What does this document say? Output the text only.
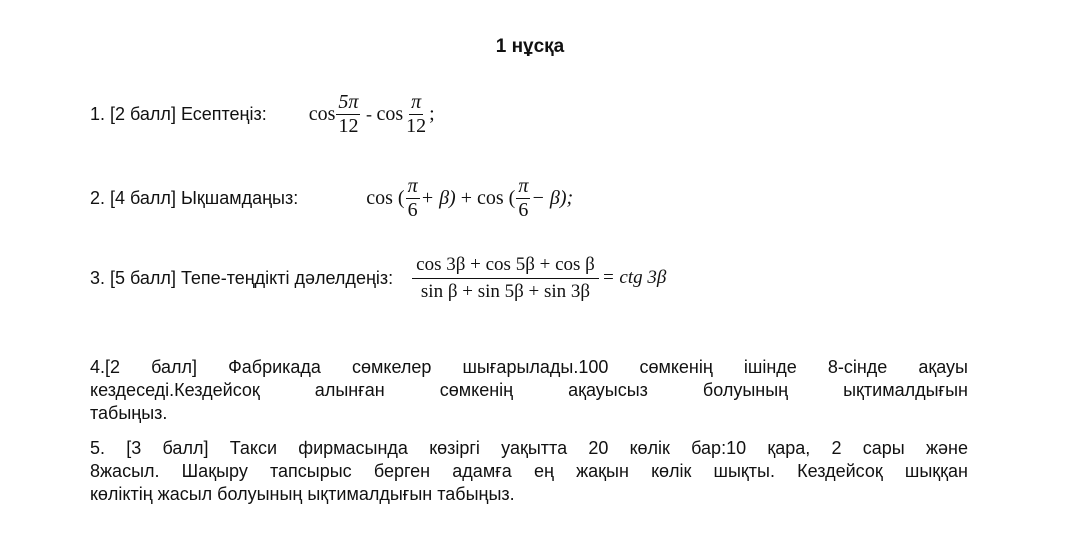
1 нұсқа
1. [2 балл] Есептеңіз: $\cos \frac{5\pi}{12}$ - $\cos \frac{\pi}{12}$ ;
2. [4 балл] Ықшамдаңыз:	cos ( $\frac{\pi}{6} + \beta) + \cos$ ( $\frac{\pi}{6} - \beta$);
3. [5 балл] Тепе-теңдікті дәлелдеңіз: $\frac{\text{cos 3β + cos 5β + cos β}}{\text{sin β + sin 5β + sin 3β}}$ = ctg 3β
4.[2 балл] Фабрикада сөмкелер шығарылады.100 сөмкенің ішінде 8-сінде ақауы
кездеседі.Кездейсоқ алынған сөмкенің ақауысыз болуының ықтималдығын
табыңыз.
5. [3 балл] Такси фирмасында көзіргі уақытта 20 көлік бар:10 қара, 2 сары және
8жасыл. Шақыру тапсырыс берген адамға ең жақын көлік шықты. Кездейсоқ шыққан
көліктің жасыл болуының ықтималдығын табыңыз.
